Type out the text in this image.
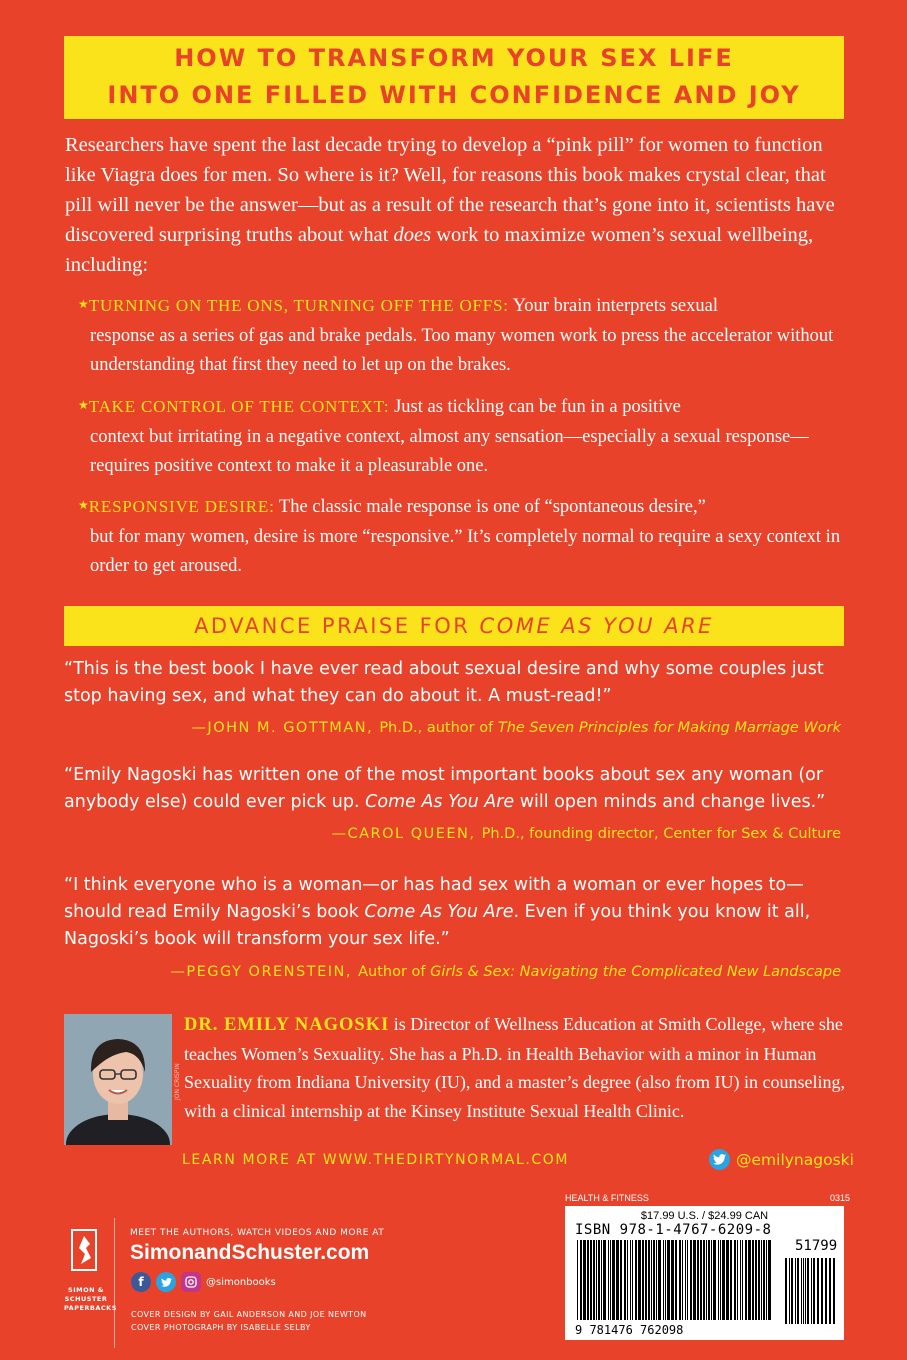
HOW TO TRANSFORM YOUR SEX LIFE
INTO ONE FILLED WITH CONFIDENCE AND JOY
Researchers have spent the last decade trying to develop a “pink pill” for women to function like Viagra does for men. So where is it? Well, for reasons this book makes crystal clear, that pill will never be the answer—but as a result of the research that’s gone into it, scientists have discovered surprising truths about what does work to maximize women’s sexual wellbeing, including:
★TURNING ON THE ONS, TURNING OFF THE OFFS: Your brain interprets sexual
response as a series of gas and brake pedals. Too many women work to press the accelerator without understanding that first they need to let up on the brakes.
★TAKE CONTROL OF THE CONTEXT: Just as tickling can be fun in a positive
context but irritating in a negative context, almost any sensation—especially a sexual response—requires positive context to make it a pleasurable one.
★RESPONSIVE DESIRE: The classic male response is one of “spontaneous desire,”
but for many women, desire is more “responsive.” It’s completely normal to require a sexy context in order to get aroused.
ADVANCE PRAISE FOR COME AS YOU ARE
“This is the best book I have ever read about sexual desire and why some couples just stop having sex, and what they can do about it. A must-read!”
—JOHN M. GOTTMAN, Ph.D., author of The Seven Principles for Making Marriage Work
“Emily Nagoski has written one of the most important books about sex any woman (or anybody else) could ever pick up. Come As You Are will open minds and change lives.”
—CAROL QUEEN, Ph.D., founding director, Center for Sex & Culture
“I think everyone who is a woman—or has had sex with a woman or ever hopes to—should read Emily Nagoski’s book Come As You Are. Even if you think you know it all, Nagoski’s book will transform your sex life.”
—PEGGY ORENSTEIN, Author of Girls & Sex: Navigating the Complicated New Landscape
JON CRISPIN
DR. EMILY NAGOSKI is Director of Wellness Education at Smith College, where she teaches Women’s Sexuality. She has a Ph.D. in Health Behavior with a minor in Human Sexuality from Indiana University (IU), and a master’s degree (also from IU) in counseling, with a clinical internship at the Kinsey Institute Sexual Health Clinic.
LEARN MORE AT WWW.THEDIRTYNORMAL.COM	@emilynagoski
SIMON & SCHUSTER PAPERBACKS
MEET THE AUTHORS, WATCH VIDEOS AND MORE AT
SimonandSchuster.com
f	@simonbooks
COVER DESIGN BY GAIL ANDERSON AND JOE NEWTON
COVER PHOTOGRAPH BY ISABELLE SELBY
HEALTH & FITNESS	0315
$17.99 U.S. / $24.99 CAN
ISBN 978-1-4767-6209-8
51799
9 781476 762098
